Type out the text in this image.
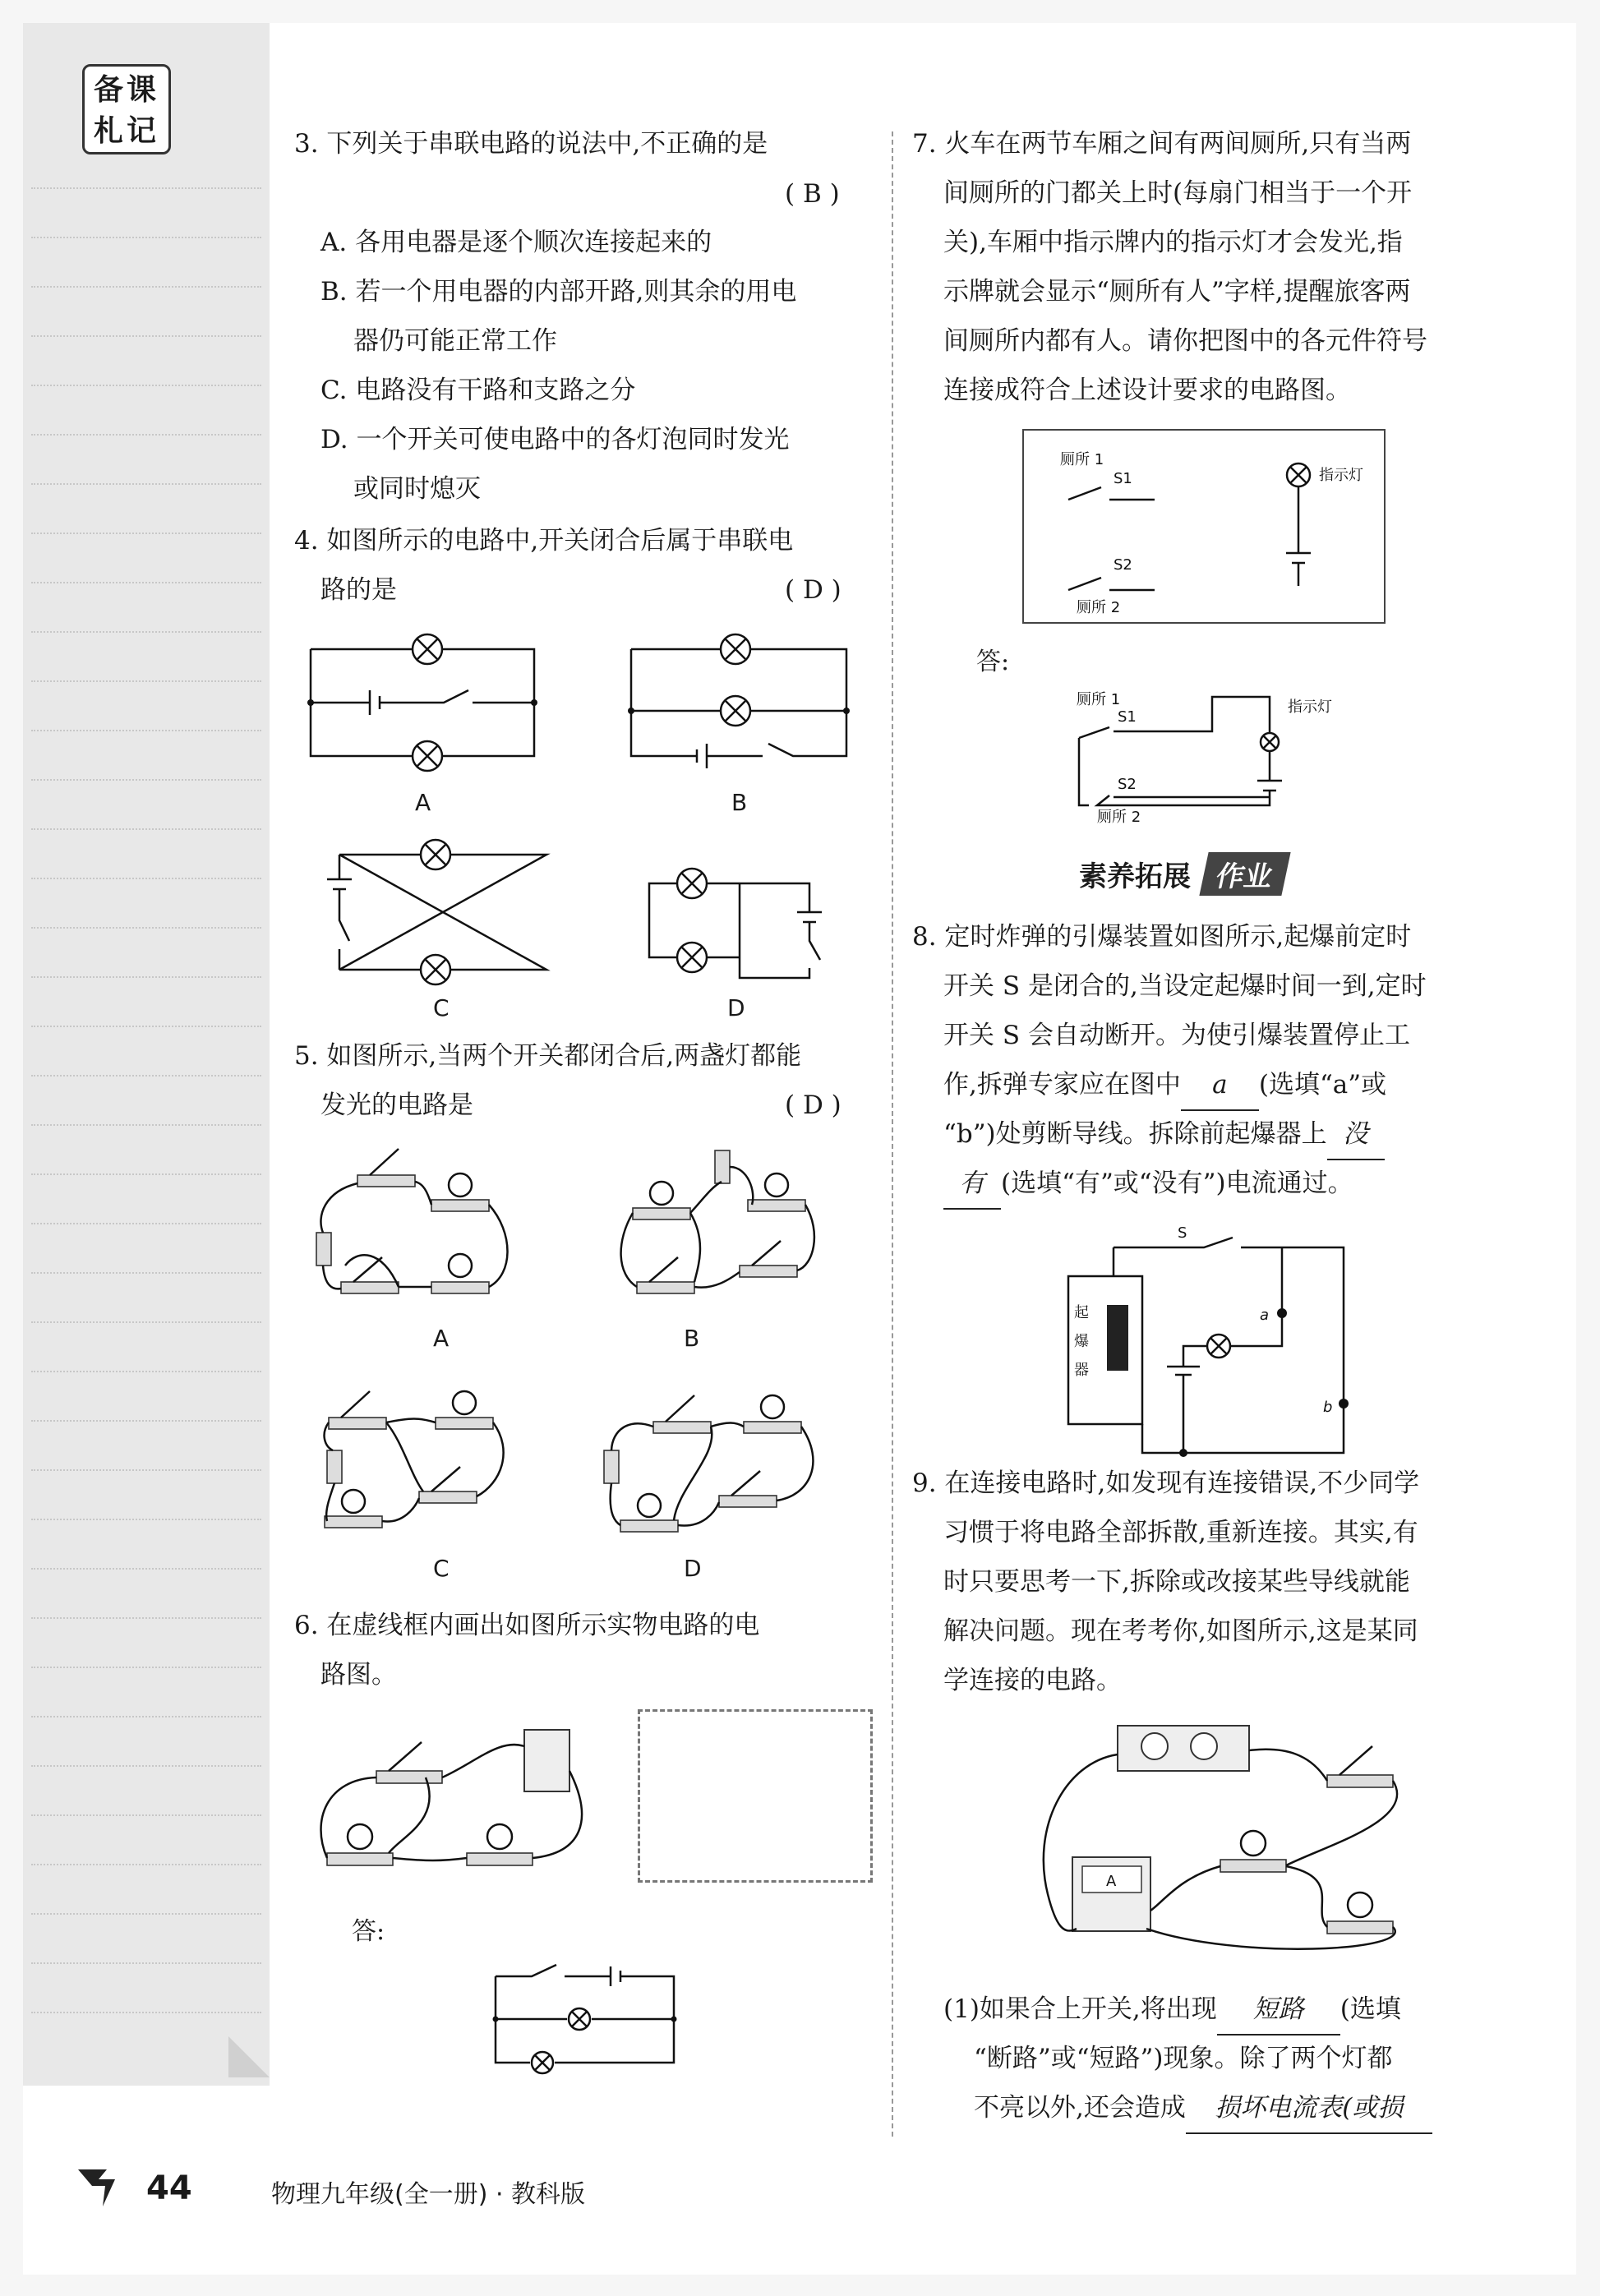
备课
札记	3. 下列关于串联电路的说法中,不正确的是
( B )
A. 各用电器是逐个顺次连接起来的
B. 若一个用电器的内部开路,则其余的用电
器仍可能正常工作
C. 电路没有干路和支路之分
D. 一个开关可使电路中的各灯泡同时发光
或同时熄灭
4. 如图所示的电路中,开关闭合后属于串联电
路的是	( D )
A	B
C	D
5. 如图所示,当两个开关都闭合后,两盏灯都能
发光的电路是	( D )
A	B
C	D
6. 在虚线框内画出如图所示实物电路的电
路图。
答:
7. 火车在两节车厢之间有两间厕所,只有当两
间厕所的门都关上时(每扇门相当于一个开
关),车厢中指示牌内的指示灯才会发光,指
示牌就会显示“厕所有人”字样,提醒旅客两
间厕所内都有人。请你把图中的各元件符号
连接成符合上述设计要求的电路图。
厕所 1
S1
S2
厕所 2
指示灯
答:
厕所 1
S1
S2
厕所 2
指示灯
素养拓展 作业
8. 定时炸弹的引爆装置如图所示,起爆前定时
开关 S 是闭合的,当设定起爆时间一到,定时
开关 S 会自动断开。为使引爆装置停止工
作,拆弹专家应在图中 a (选填“a”或
“b”)处剪断导线。拆除前起爆器上 没
有 (选填“有”或“没有”)电流通过。
S
a
b
起
爆
器
9. 在连接电路时,如发现有连接错误,不少同学
习惯于将电路全部拆散,重新连接。其实,有
时只要思考一下,拆除或改接某些导线就能
解决问题。现在考考你,如图所示,这是某同
学连接的电路。
A
(1)如果合上开关,将出现 短路 (选填
“断路”或“短路”)现象。除了两个灯都
不亮以外,还会造成 损坏电流表(或损
44	物理九年级(全一册) · 教科版
